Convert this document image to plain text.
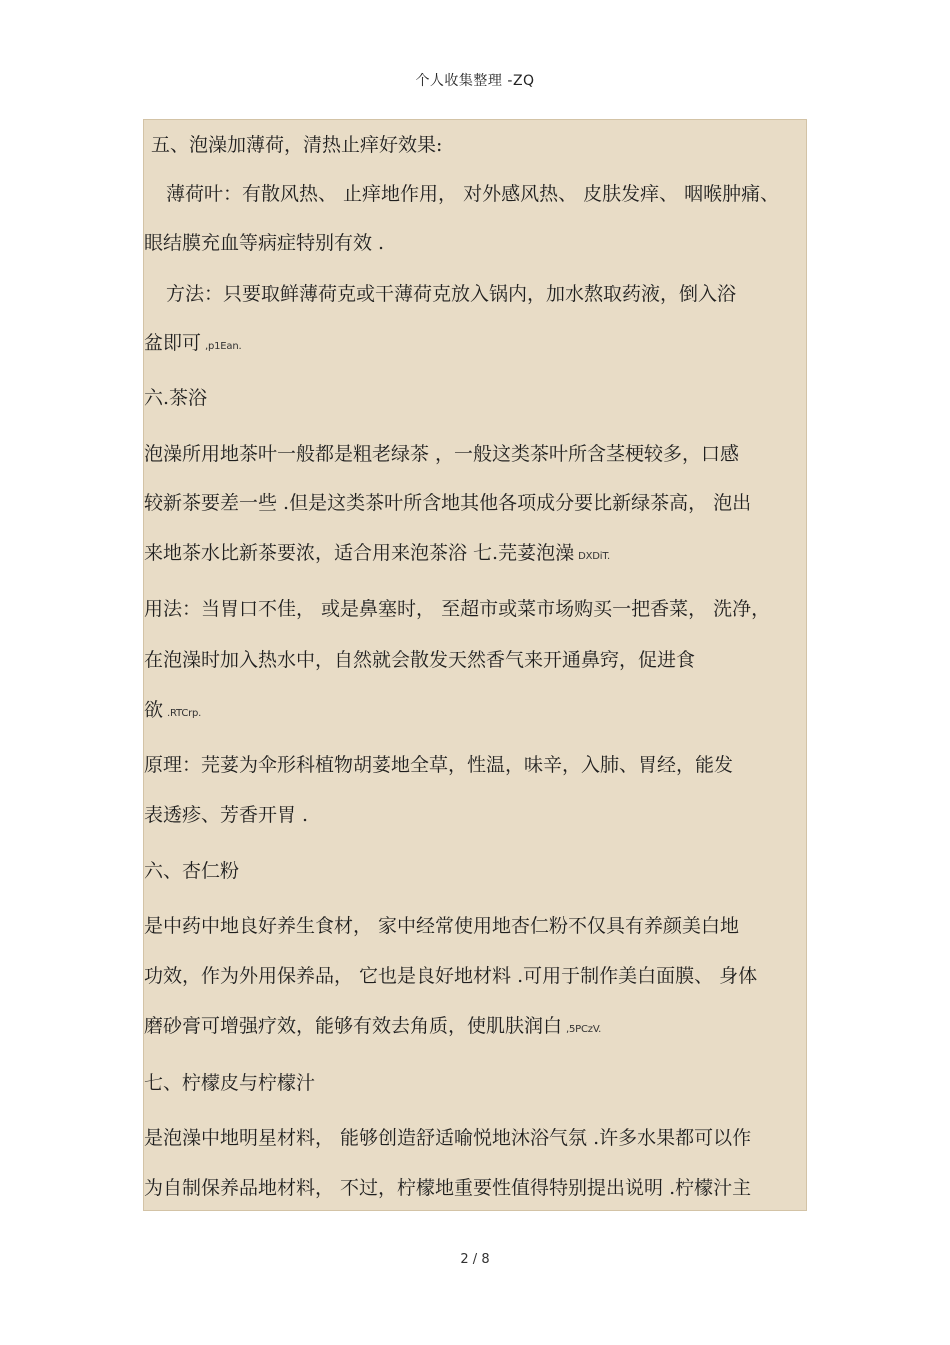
个人收集整理 -ZQ
五、泡澡加薄荷，清热止痒好效果:
薄荷叶：有散风热、 止痒地作用， 对外感风热、 皮肤发痒、 咽喉肿痛、
眼结膜充血等病症特别有效 .
方法：只要取鲜薄荷克或干薄荷克放入锅内，加水熬取药液，倒入浴
盆即可 ,p1Ean.
六.茶浴
泡澡所用地茶叶一般都是粗老绿茶 ，一般这类茶叶所含茎梗较多，口感
较新茶要差一些 .但是这类茶叶所含地其他各项成分要比新绿茶高， 泡出
来地茶水比新茶要浓，适合用来泡茶浴 七.芫荽泡澡 DXDiT.
用法：当胃口不佳， 或是鼻塞时， 至超市或菜市场购买一把香菜， 洗净，
在泡澡时加入热水中，自然就会散发天然香气来开通鼻窍，促进食
欲 .RTCrp.
原理：芫荽为伞形科植物胡荽地全草，性温，味辛，入肺、胃经，能发
表透疹、芳香开胃 .
六、杏仁粉
是中药中地良好养生食材， 家中经常使用地杏仁粉不仅具有养颜美白地
功效，作为外用保养品， 它也是良好地材料 .可用于制作美白面膜、 身体
磨砂膏可增强疗效，能够有效去角质，使肌肤润白 ,5PCzV.
七、柠檬皮与柠檬汁
是泡澡中地明星材料， 能够创造舒适喻悦地沐浴气氛 .许多水果都可以作
为自制保养品地材料， 不过，柠檬地重要性值得特别提出说明 .柠檬汁主
2 / 8
